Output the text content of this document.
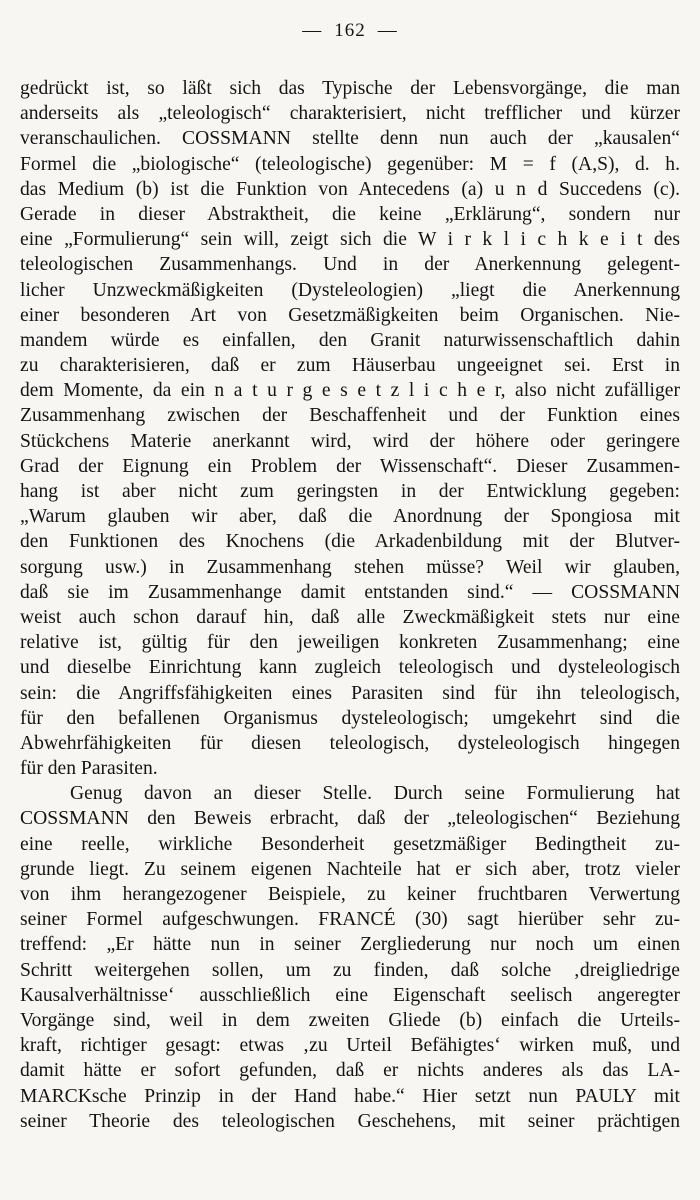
— 162 —
gedrückt ist, so läßt sich das Typische der Lebensvorgänge, die man
anderseits als „teleologisch“ charakterisiert, nicht trefflicher und kürzer
veranschaulichen. COSSMANN stellte denn nun auch der „kausalen“
Formel die „biologische“ (teleologische) gegenüber: M = f (A,S), d. h.
das Medium (b) ist die Funktion von Antecedens (a) u n d Succedens (c).
Gerade in dieser Abstraktheit, die keine „Erklärung“, sondern nur
eine „Formulierung“ sein will, zeigt sich die W i r k l i c h k e i t des
teleologischen Zusammenhangs. Und in der Anerkennung gelegent-
licher Unzweckmäßigkeiten (Dysteleologien) „liegt die Anerkennung
einer besonderen Art von Gesetzmäßigkeiten beim Organischen. Nie-
mandem würde es einfallen, den Granit naturwissenschaftlich dahin
zu charakterisieren, daß er zum Häuserbau ungeeignet sei. Erst in
dem Momente, da ein n a t u r g e s e t z l i c h e r, also nicht zufälliger
Zusammenhang zwischen der Beschaffenheit und der Funktion eines
Stückchens Materie anerkannt wird, wird der höhere oder geringere
Grad der Eignung ein Problem der Wissenschaft“. Dieser Zusammen-
hang ist aber nicht zum geringsten in der Entwicklung gegeben:
„Warum glauben wir aber, daß die Anordnung der Spongiosa mit
den Funktionen des Knochens (die Arkadenbildung mit der Blutver-
sorgung usw.) in Zusammenhang stehen müsse? Weil wir glauben,
daß sie im Zusammenhange damit entstanden sind.“ — COSSMANN
weist auch schon darauf hin, daß alle Zweckmäßigkeit stets nur eine
relative ist, gültig für den jeweiligen konkreten Zusammenhang; eine
und dieselbe Einrichtung kann zugleich teleologisch und dysteleologisch
sein: die Angriffsfähigkeiten eines Parasiten sind für ihn teleologisch,
für den befallenen Organismus dysteleologisch; umgekehrt sind die
Abwehrfähigkeiten für diesen teleologisch, dysteleologisch hingegen
für den Parasiten.
Genug davon an dieser Stelle. Durch seine Formulierung hat
COSSMANN den Beweis erbracht, daß der „teleologischen“ Beziehung
eine reelle, wirkliche Besonderheit gesetzmäßiger Bedingtheit zu-
grunde liegt. Zu seinem eigenen Nachteile hat er sich aber, trotz vieler
von ihm herangezogener Beispiele, zu keiner fruchtbaren Verwertung
seiner Formel aufgeschwungen. FRANCÉ (30) sagt hierüber sehr zu-
treffend: „Er hätte nun in seiner Zergliederung nur noch um einen
Schritt weitergehen sollen, um zu finden, daß solche ‚dreigliedrige
Kausalverhältnisse‘ ausschließlich eine Eigenschaft seelisch angeregter
Vorgänge sind, weil in dem zweiten Gliede (b) einfach die Urteils-
kraft, richtiger gesagt: etwas ‚zu Urteil Befähigtes‘ wirken muß, und
damit hätte er sofort gefunden, daß er nichts anderes als das LA-
MARCKsche Prinzip in der Hand habe.“ Hier setzt nun PAULY mit
seiner Theorie des teleologischen Geschehens, mit seiner prächtigen
